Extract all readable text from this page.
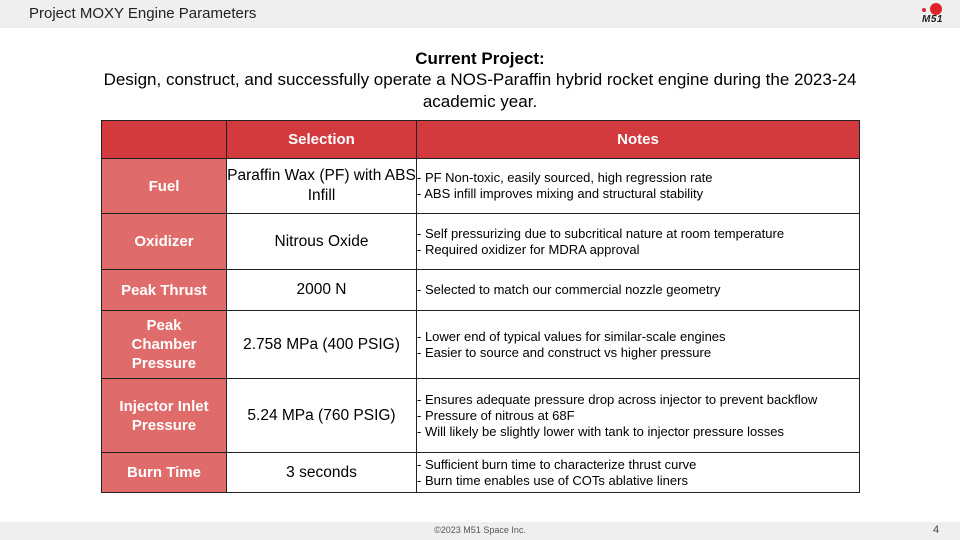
Project MOXY Engine Parameters	M51
Current Project:
Design, construct, and successfully operate a NOS-Paraffin hybrid rocket engine during the 2023-24 academic year.
	Selection	Notes
Fuel	Paraffin Wax (PF) with ABS Infill	- PF Non-toxic, easily sourced, high regression rate
- ABS infill improves mixing and structural stability

Oxidizer	Nitrous Oxide	- Self pressurizing due to subcritical nature at room temperature
- Required oxidizer for MDRA approval

Peak Thrust	2000 N	- Selected to match our commercial nozzle geometry

Peak Chamber Pressure	2.758 MPa (400 PSIG)	- Lower end of typical values for similar-scale engines
- Easier to source and construct vs higher pressure

Injector Inlet Pressure	5.24 MPa (760 PSIG)	- Ensures adequate pressure drop across injector to prevent backflow
- Pressure of nitrous at 68F
- Will likely be slightly lower with tank to injector pressure losses

Burn Time	3 seconds	- Sufficient burn time to characterize thrust curve
- Burn time enables use of COTs ablative liners
©2023 M51 Space Inc.	4
